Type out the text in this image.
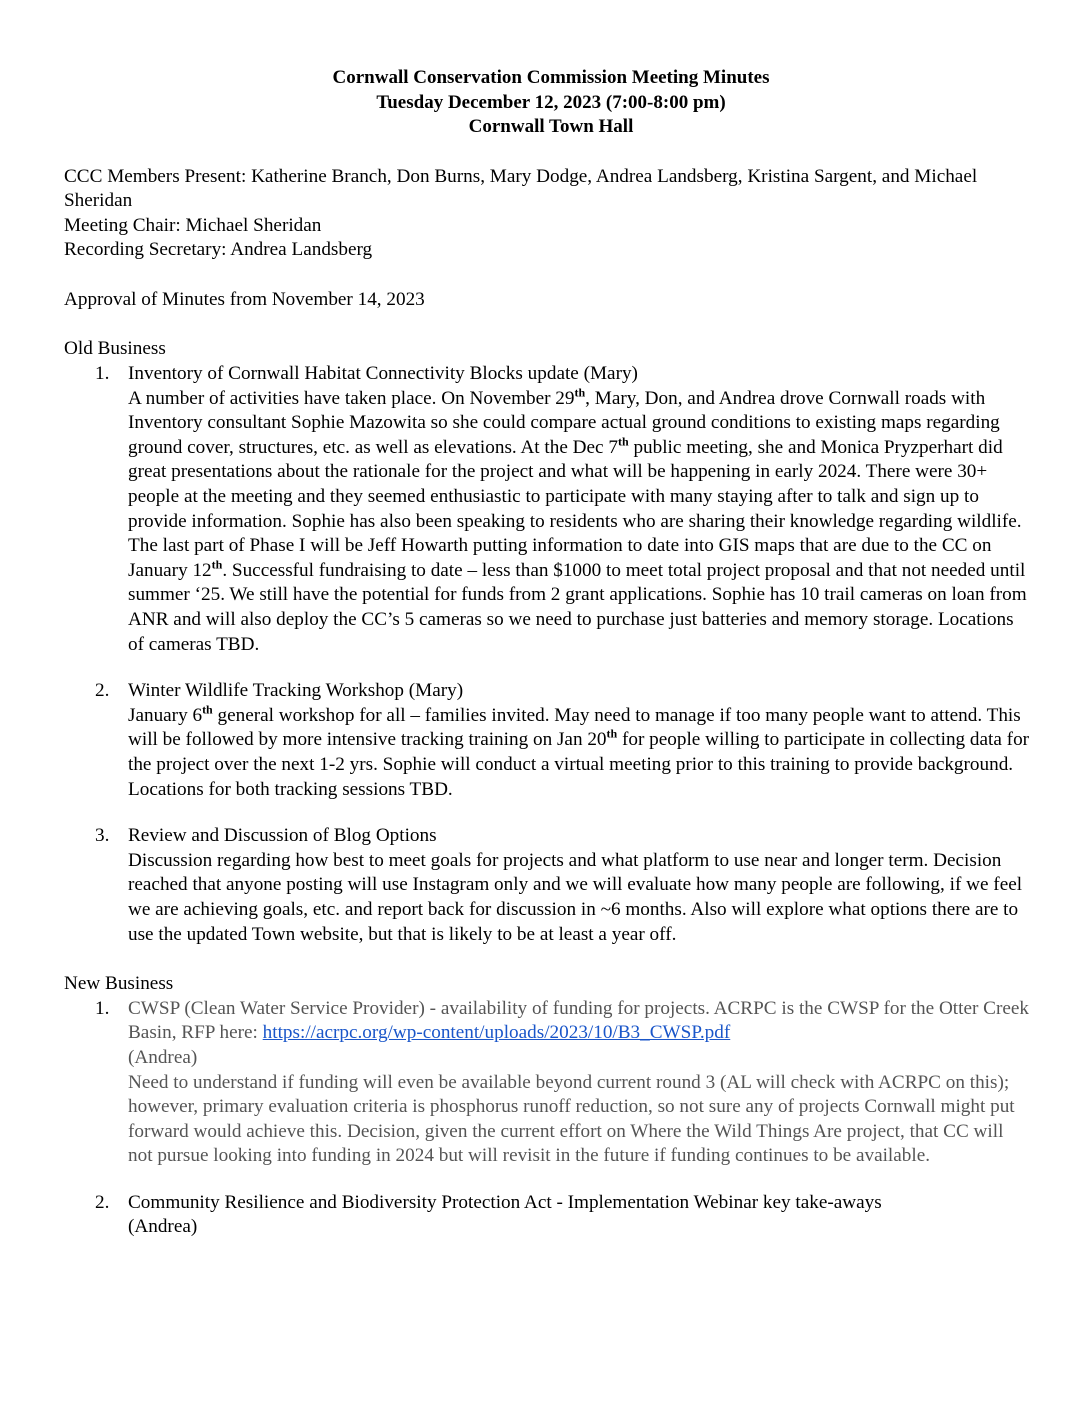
Cornwall Conservation Commission Meeting Minutes
Tuesday December 12, 2023 (7:00-8:00 pm)
Cornwall Town Hall
CCC Members Present: Katherine Branch, Don Burns, Mary Dodge, Andrea Landsberg, Kristina Sargent, and Michael Sheridan
Meeting Chair: Michael Sheridan
Recording Secretary: Andrea Landsberg
Approval of Minutes from November 14, 2023
Old Business
1. Inventory of Cornwall Habitat Connectivity Blocks update (Mary)
A number of activities have taken place. On November 29th, Mary, Don, and Andrea drove Cornwall roads with Inventory consultant Sophie Mazowita so she could compare actual ground conditions to existing maps regarding ground cover, structures, etc. as well as elevations. At the Dec 7th public meeting, she and Monica Pryzperhart did great presentations about the rationale for the project and what will be happening in early 2024. There were 30+ people at the meeting and they seemed enthusiastic to participate with many staying after to talk and sign up to provide information. Sophie has also been speaking to residents who are sharing their knowledge regarding wildlife. The last part of Phase I will be Jeff Howarth putting information to date into GIS maps that are due to the CC on January 12th. Successful fundraising to date – less than $1000 to meet total project proposal and that not needed until summer ‘25. We still have the potential for funds from 2 grant applications. Sophie has 10 trail cameras on loan from ANR and will also deploy the CC’s 5 cameras so we need to purchase just batteries and memory storage. Locations of cameras TBD.
2. Winter Wildlife Tracking Workshop (Mary)
January 6th general workshop for all – families invited. May need to manage if too many people want to attend. This will be followed by more intensive tracking training on Jan 20th for people willing to participate in collecting data for the project over the next 1-2 yrs. Sophie will conduct a virtual meeting prior to this training to provide background. Locations for both tracking sessions TBD.
3. Review and Discussion of Blog Options
Discussion regarding how best to meet goals for projects and what platform to use near and longer term. Decision reached that anyone posting will use Instagram only and we will evaluate how many people are following, if we feel we are achieving goals, etc. and report back for discussion in ~6 months. Also will explore what options there are to use the updated Town website, but that is likely to be at least a year off.
New Business
1. CWSP (Clean Water Service Provider) - availability of funding for projects. ACRPC is the CWSP for the Otter Creek Basin, RFP here: https://acrpc.org/wp-content/uploads/2023/10/B3_CWSP.pdf
(Andrea)
Need to understand if funding will even be available beyond current round 3 (AL will check with ACRPC on this); however, primary evaluation criteria is phosphorus runoff reduction, so not sure any of projects Cornwall might put forward would achieve this. Decision, given the current effort on Where the Wild Things Are project, that CC will not pursue looking into funding in 2024 but will revisit in the future if funding continues to be available.
2. Community Resilience and Biodiversity Protection Act - Implementation Webinar key take-aways (Andrea)
